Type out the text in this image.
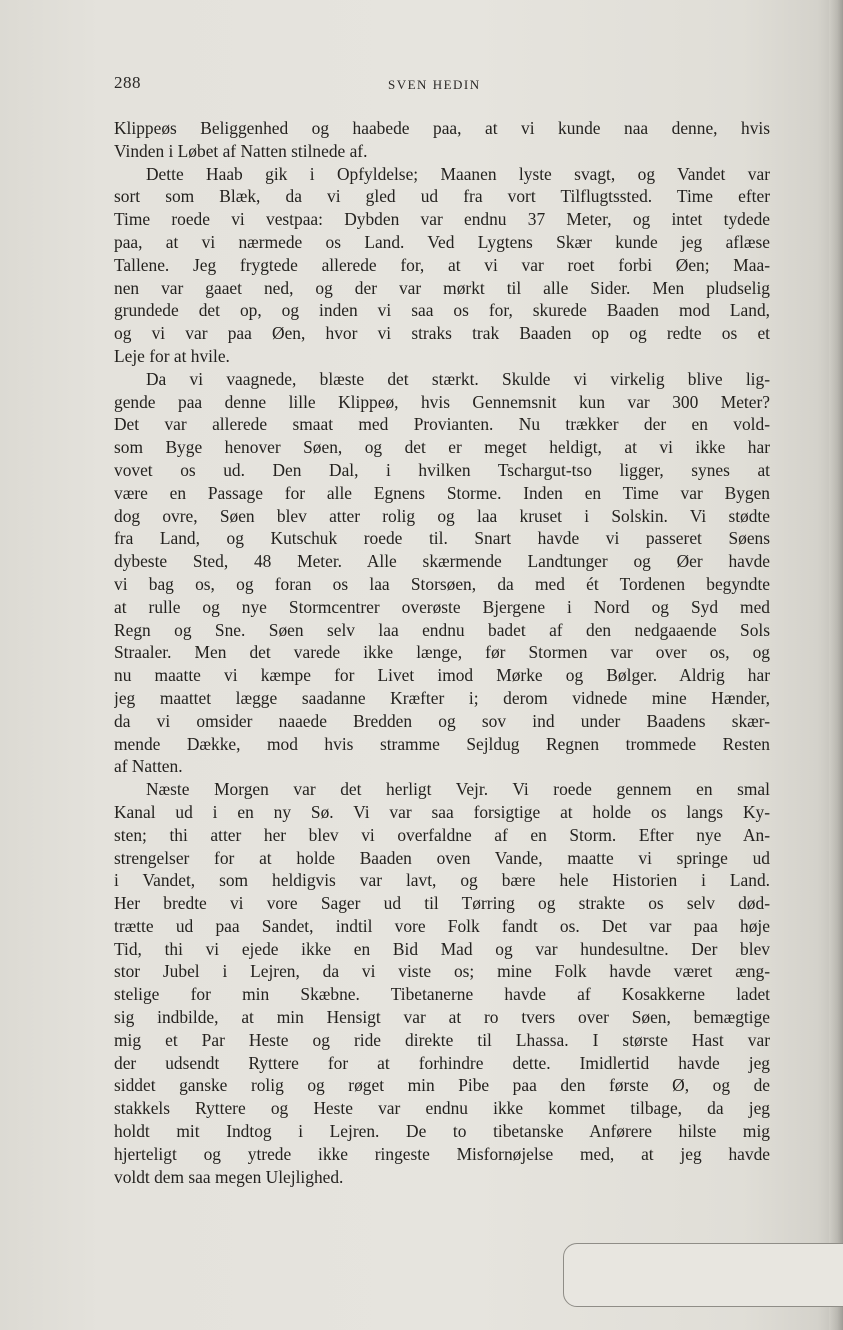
288	SVEN HEDIN
Klippeøs Beliggenhed og haabede paa, at vi kunde naa denne, hvis
Vinden i Løbet af Natten stilnede af.
Dette Haab gik i Opfyldelse; Maanen lyste svagt, og Vandet var
sort som Blæk, da vi gled ud fra vort Tilflugtssted. Time efter
Time roede vi vestpaa: Dybden var endnu 37 Meter, og intet tydede
paa, at vi nærmede os Land. Ved Lygtens Skær kunde jeg aflæse
Tallene. Jeg frygtede allerede for, at vi var roet forbi Øen; Maa-
nen var gaaet ned, og der var mørkt til alle Sider. Men pludselig
grundede det op, og inden vi saa os for, skurede Baaden mod Land,
og vi var paa Øen, hvor vi straks trak Baaden op og redte os et
Leje for at hvile.
Da vi vaagnede, blæste det stærkt. Skulde vi virkelig blive lig-
gende paa denne lille Klippeø, hvis Gennemsnit kun var 300 Meter?
Det var allerede smaat med Provianten. Nu trækker der en vold-
som Byge henover Søen, og det er meget heldigt, at vi ikke har
vovet os ud. Den Dal, i hvilken Tschargut-tso ligger, synes at
være en Passage for alle Egnens Storme. Inden en Time var Bygen
dog ovre, Søen blev atter rolig og laa kruset i Solskin. Vi stødte
fra Land, og Kutschuk roede til. Snart havde vi passeret Søens
dybeste Sted, 48 Meter. Alle skærmende Landtunger og Øer havde
vi bag os, og foran os laa Storsøen, da med ét Tordenen begyndte
at rulle og nye Stormcentrer overøste Bjergene i Nord og Syd med
Regn og Sne. Søen selv laa endnu badet af den nedgaaende Sols
Straaler. Men det varede ikke længe, før Stormen var over os, og
nu maatte vi kæmpe for Livet imod Mørke og Bølger. Aldrig har
jeg maattet lægge saadanne Kræfter i; derom vidnede mine Hænder,
da vi omsider naaede Bredden og sov ind under Baadens skær-
mende Dække, mod hvis stramme Sejldug Regnen trommede Resten
af Natten.
Næste Morgen var det herligt Vejr. Vi roede gennem en smal
Kanal ud i en ny Sø. Vi var saa forsigtige at holde os langs Ky-
sten; thi atter her blev vi overfaldne af en Storm. Efter nye An-
strengelser for at holde Baaden oven Vande, maatte vi springe ud
i Vandet, som heldigvis var lavt, og bære hele Historien i Land.
Her bredte vi vore Sager ud til Tørring og strakte os selv død-
trætte ud paa Sandet, indtil vore Folk fandt os. Det var paa høje
Tid, thi vi ejede ikke en Bid Mad og var hundesultne. Der blev
stor Jubel i Lejren, da vi viste os; mine Folk havde været æng-
stelige for min Skæbne. Tibetanerne havde af Kosakkerne ladet
sig indbilde, at min Hensigt var at ro tvers over Søen, bemægtige
mig et Par Heste og ride direkte til Lhassa. I største Hast var
der udsendt Ryttere for at forhindre dette. Imidlertid havde jeg
siddet ganske rolig og røget min Pibe paa den første Ø, og de
stakkels Ryttere og Heste var endnu ikke kommet tilbage, da jeg
holdt mit Indtog i Lejren. De to tibetanske Anførere hilste mig
hjerteligt og ytrede ikke ringeste Misfornøjelse med, at jeg havde
voldt dem saa megen Ulejlighed.
